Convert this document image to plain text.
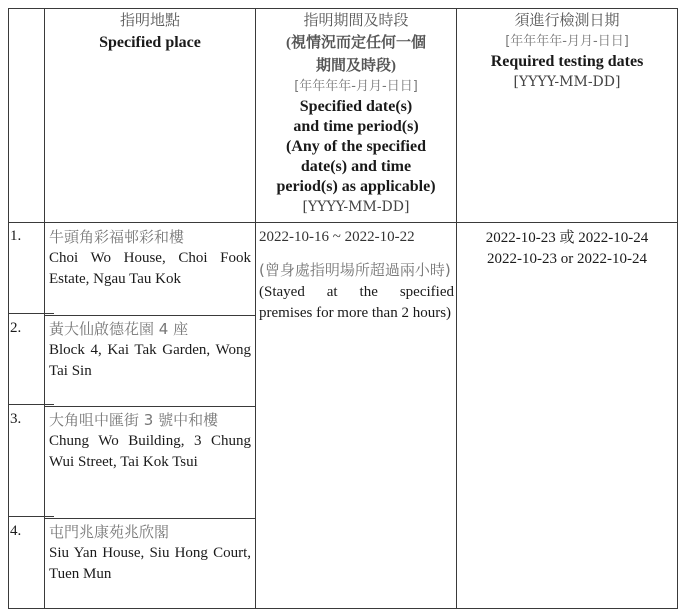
指明地點
Specified place
指明期間及時段
(視情況而定任何一個
期間及時段)
[年年年年-月月-日日]
Specified date(s)
and time period(s)
(Any of the specified
date(s) and time
period(s) as applicable)
[YYYY-MM-DD]
須進行檢測日期
[年年年年-月月-日日]
Required testing dates
[YYYY-MM-DD]
1.
2.
3.
4.
牛頭角彩福邨彩和樓
Choi Wo House, Choi Fook Estate, Ngau Tau Kok
黃大仙啟德花園 4 座
Block 4, Kai Tak Garden, Wong Tai Sin
大角咀中匯街 3 號中和樓
Chung Wo Building, 3 Chung Wui Street, Tai Kok Tsui
屯門兆康苑兆欣閣
Siu Yan House, Siu Hong Court, Tuen Mun
2022-10-16 ~ 2022-10-22
(曾身處指明場所超過兩小時)
(Stayed at the specified premises for more than 2 hours)
2022-10-23 或 2022-10-24
2022-10-23 or 2022-10-24
